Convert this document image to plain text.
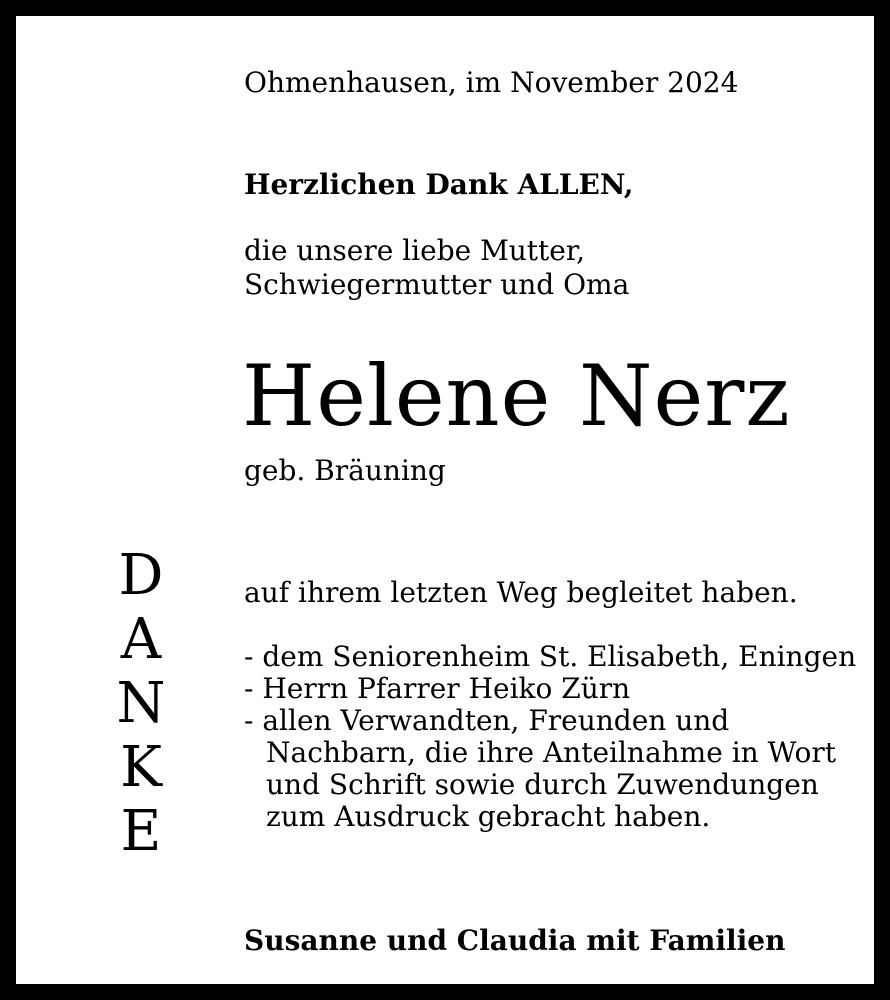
Ohmenhausen, im November 2024
Herzlichen Dank ALLEN,
die unsere liebe Mutter,
Schwiegermutter und Oma
Helene Nerz
geb. Bräuning
D
A
N
K
E
auf ihrem letzten Weg begleitet haben.
- dem Seniorenheim St. Elisabeth, Eningen
- Herrn Pfarrer Heiko Zürn
- allen Verwandten, Freunden und
Nachbarn, die ihre Anteilnahme in Wort
und Schrift sowie durch Zuwendungen
zum Ausdruck gebracht haben.
Susanne und Claudia mit Familien
